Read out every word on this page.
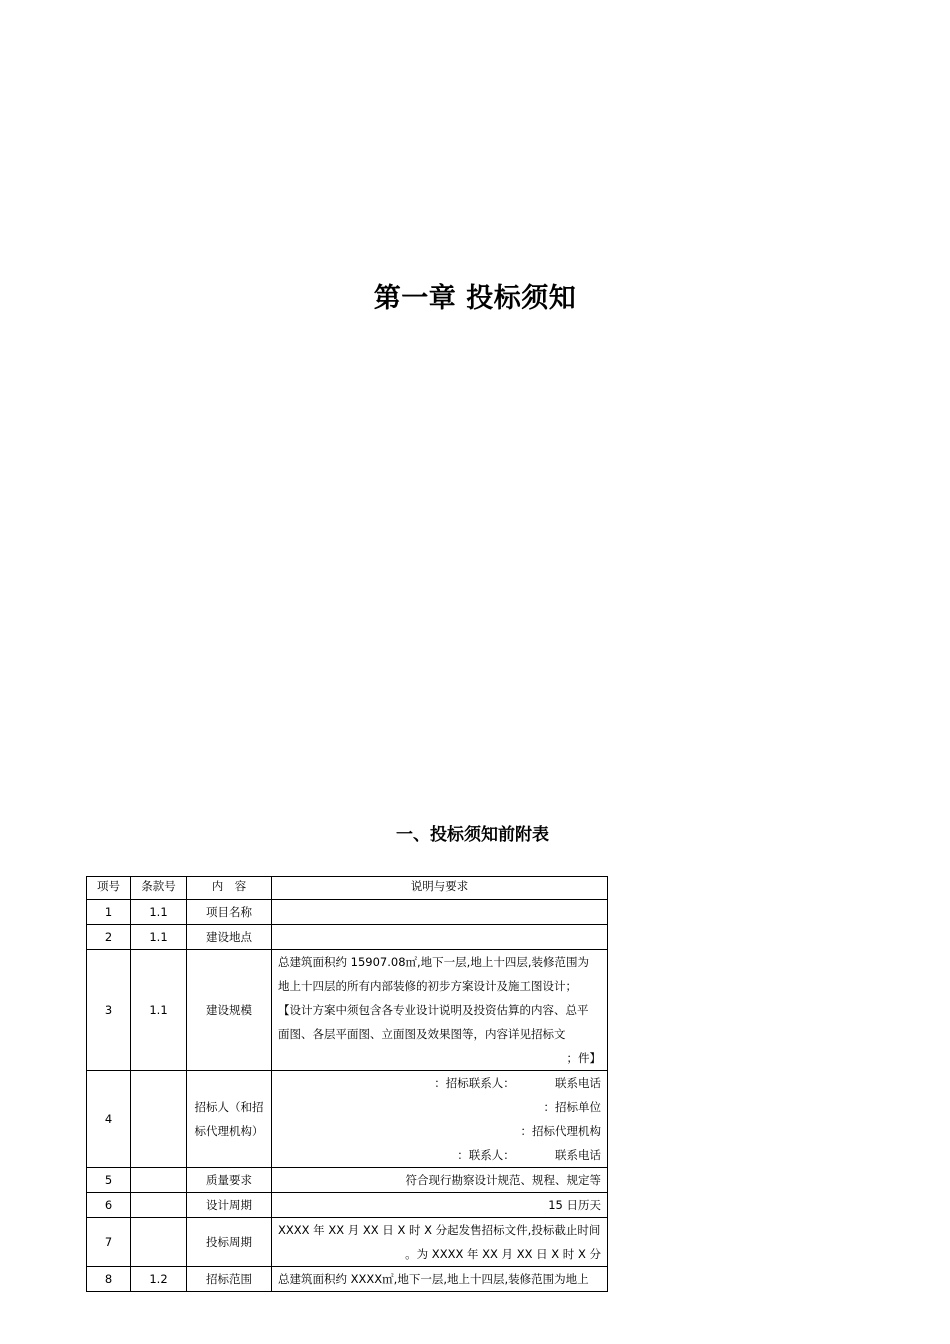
第一章 投标须知
一、投标须知前附表
项号	条款号	内　容	说明与要求
1	1.1	项目名称	
2	1.1	建设地点	
3	1.1	建设规模	总建筑面积约 15907.08㎡,地下一层,地上十四层,装修范围为
地上十四层的所有内部装修的初步方案设计及施工图设计；
【设计方案中须包含各专业设计说明及投资估算的内容、总平
面图、各层平面图、立面图及效果图等，内容详见招标文
；件】

4		招标人（和招标代理机构）	：招标联系人：　　　　联系电话
：招标单位
：招标代理机构
：联系人：　　　　联系电话

5		质量要求	符合现行勘察设计规范、规程、规定等
6		设计周期	15 日历天
7		投标周期	XXXX 年 XX 月 XX 日 X 时 X 分起发售招标文件,投标截止时间
。为 XXXX 年 XX 月 XX 日 X 时 X 分

8	1.2	招标范围	总建筑面积约 XXXX㎡,地下一层,地上十四层,装修范围为地上
